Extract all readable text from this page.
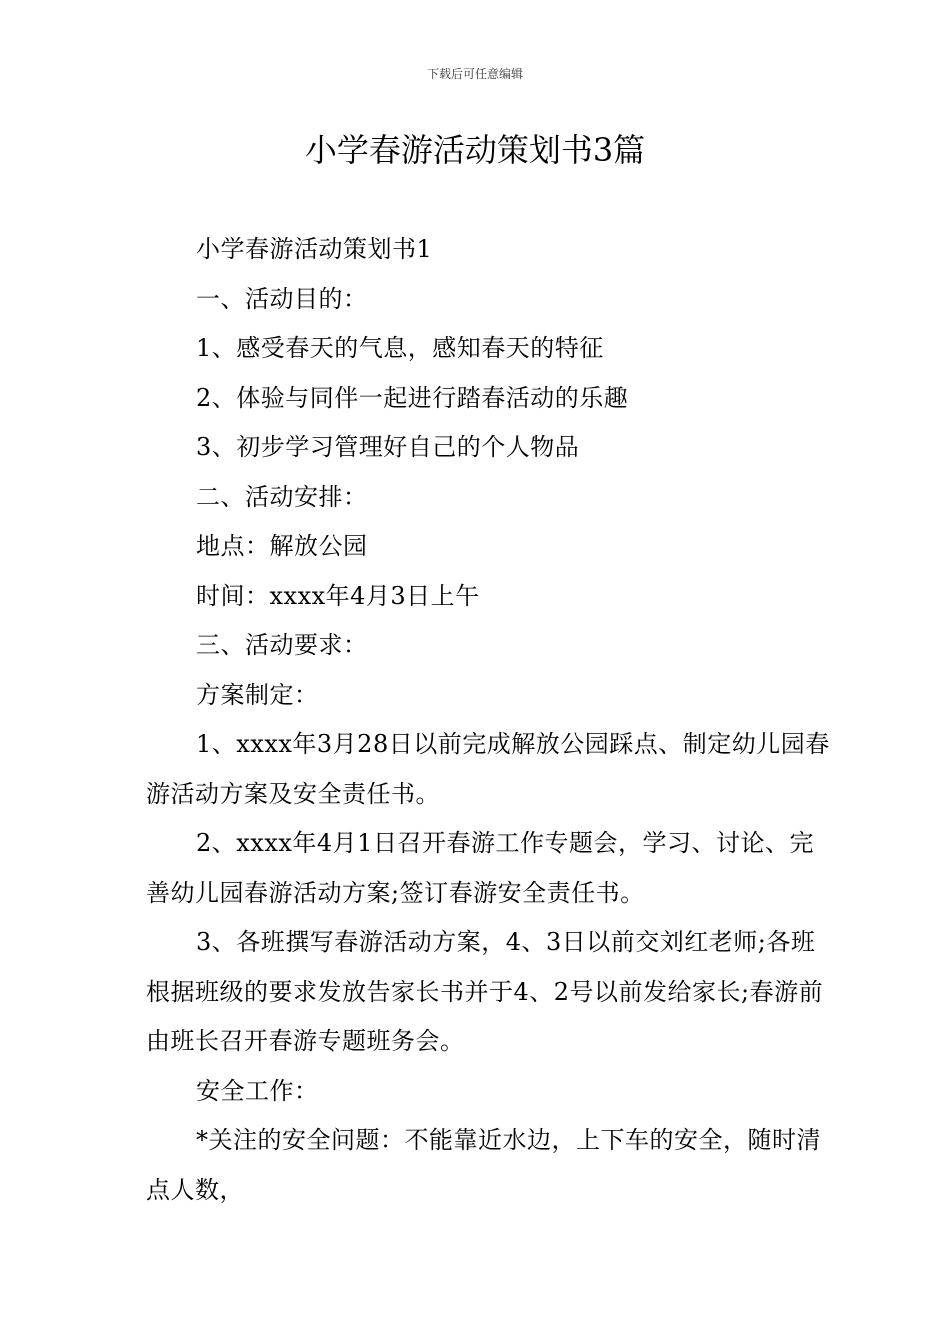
下载后可任意编辑
小学春游活动策划书3篇

小学春游活动策划书1

一、活动目的：

1、感受春天的气息，感知春天的特征

2、体验与同伴一起进行踏春活动的乐趣

3、初步学习管理好自己的个人物品

二、活动安排：

地点：解放公园

时间：xxxx年4月3日上午

三、活动要求：

方案制定：

1、xxxx年3月28日以前完成解放公园踩点、制定幼儿园春游活动方案及安全责任书。

2、xxxx年4月1日召开春游工作专题会，学习、讨论、完善幼儿园春游活动方案;签订春游安全责任书。

3、各班撰写春游活动方案，4、3日以前交刘红老师;各班根据班级的要求发放告家长书并于4、2号以前发给家长;春游前由班长召开春游专题班务会。

安全工作：

*关注的安全问题：不能靠近水边，上下车的安全，随时清点人数，
